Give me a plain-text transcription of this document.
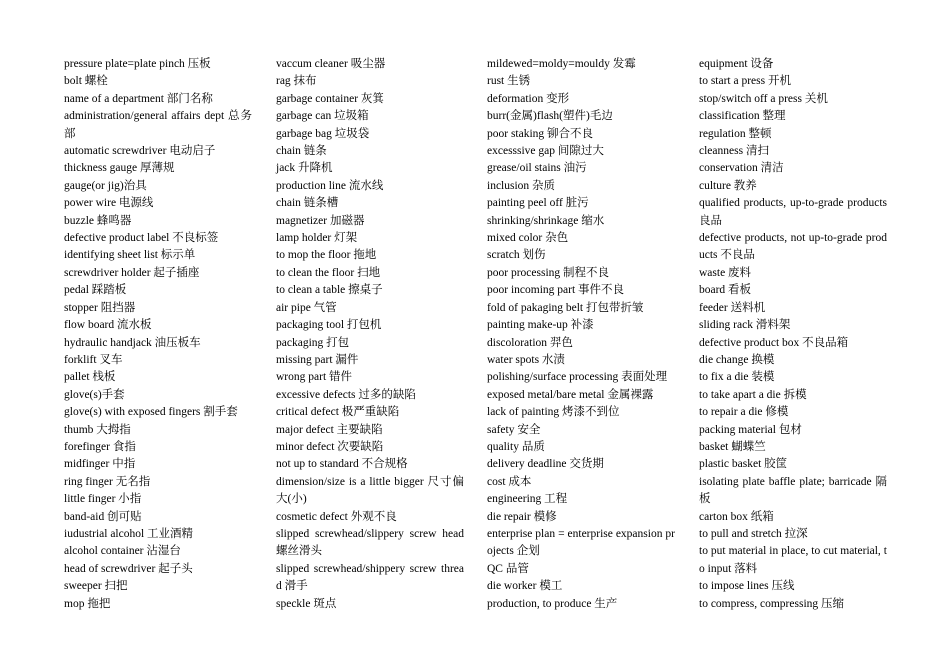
pressure plate=plate pinch 压板
bolt 螺栓
name of a department 部门名称
administration/general affairs dept 总务部
automatic screwdriver 电动启子
thickness gauge 厚薄规
gauge(or jig)治具
power wire 电源线
buzzle 蜂鸣器
defective product label 不良标签
identifying sheet list 标示单
screwdriver holder 起子插座
pedal 踩踏板
stopper 阻挡器
flow board 流水板
hydraulic handjack 油压板车
forklift 叉车
pallet 栈板
glove(s)手套
glove(s) with exposed fingers 割手套
thumb 大拇指
forefinger 食指
midfinger 中指
ring finger 无名指
little finger 小指
band-aid 创可贴
iudustrial alcohol 工业酒精
alcohol container 沾湿台
head of screwdriver 起子头
sweeper 扫把
mop 拖把
vaccum cleaner 吸尘器
rag 抹布
garbage container 灰箕
garbage can 垃圾箱
garbage bag 垃圾袋
chain 链条
jack 升降机
production line 流水线
chain 链条槽
magnetizer 加磁器
lamp holder 灯架
to mop the floor 拖地
to clean the floor 扫地
to clean a table 擦桌子
air pipe 气管
packaging tool 打包机
packaging 打包
missing part 漏件
wrong part 错件
excessive defects 过多的缺陷
critical defect 极严重缺陷
major defect 主要缺陷
minor defect 次要缺陷
not up to standard 不合规格
dimension/size is a little bigger 尺寸偏大(小)
cosmetic defect 外观不良
slipped screwhead/slippery screw head 螺丝滑头
slipped screwhead/shippery screw thread 滑手
speckle 斑点
mildewed=moldy=mouldy 发霉
rust 生锈
deformation 变形
burr(金属)flash(塑件)毛边
poor staking 铆合不良
excesssive gap 间隙过大
grease/oil stains 油污
inclusion 杂质
painting peel off 脏污
shrinking/shrinkage 缩水
mixed color 杂色
scratch 划伤
poor processing 制程不良
poor incoming part 事件不良
fold of pakaging belt 打包带折皱
painting make-up 补漆
discoloration 羿色
water spots 水渍
polishing/surface processing 表面处理
exposed metal/bare metal 金属裸露
lack of painting 烤漆不到位
safety 安全
quality 品质
delivery deadline 交货期
cost 成本
engineering 工程
die repair 模修
enterprise plan = enterprise expansion projects 企划
QC 品管
die worker 模工
production, to produce 生产
equipment 设备
to start a press 开机
stop/switch off a press 关机
classification 整理
regulation 整顿
cleanness 清扫
conservation 清洁
culture 教养
qualified products, up-to-grade products 良品
defective products, not up-to-grade products 不良品
waste 废料
board 看板
feeder 送料机
sliding rack 滑料架
defective product box 不良品箱
die change 换模
to fix a die 装模
to take apart a die 拆模
to repair a die 修模
packing material 包材
basket 蝴蝶竺
plastic basket 胶筐
isolating plate baffle plate; barricade 隔板
carton box 纸箱
to pull and stretch 拉深
to put material in place, to cut material, to input 落料
to impose lines 压线
to compress, compressing 压缩
